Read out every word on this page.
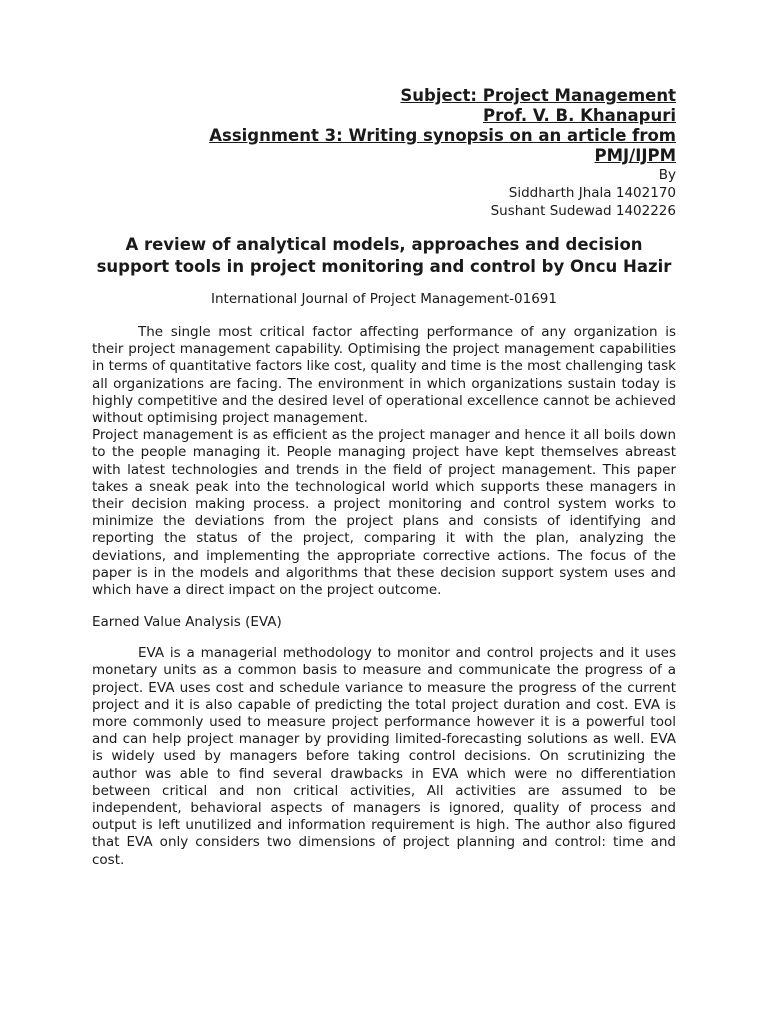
Subject: Project Management

Prof. V. B. Khanapuri

Assignment 3: Writing synopsis on an article from

PMJ/IJPM

By

Siddharth Jhala 1402170

Sushant Sudewad 1402226

A review of analytical models, approaches and decision support tools in project monitoring and control by Oncu Hazir
International Journal of Project Management-01691

The single most critical factor affecting performance of any organization is their project management capability. Optimising the project management capabilities in terms of quantitative factors like cost, quality and time is the most challenging task all organizations are facing. The environment in which organizations sustain today is highly competitive and the desired level of operational excellence cannot be achieved without optimising project management.

Project management is as efficient as the project manager and hence it all boils down to the people managing it. People managing project have kept themselves abreast with latest technologies and trends in the field of project management. This paper takes a sneak peak into the technological world which supports these managers in their decision making process. a project monitoring and control system works to minimize the deviations from the project plans and consists of identifying and reporting the status of the project, comparing it with the plan, analyzing the deviations, and implementing the appropriate corrective actions. The focus of the paper is in the models and algorithms that these decision support system uses and which have a direct impact on the project outcome.

Earned Value Analysis (EVA)

EVA is a managerial methodology to monitor and control projects and it uses monetary units as a common basis to measure and communicate the progress of a project. EVA uses cost and schedule variance to measure the progress of the current project and it is also capable of predicting the total project duration and cost. EVA is more commonly used to measure project performance however it is a powerful tool and can help project manager by providing limited-forecasting solutions as well. EVA is widely used by managers before taking control decisions. On scrutinizing the author was able to find several drawbacks in EVA which were no differentiation between critical and non critical activities, All activities are assumed to be independent, behavioral aspects of managers is ignored, quality of process and output is left unutilized and information requirement is high. The author also figured that EVA only considers two dimensions of project planning and control: time and cost.
